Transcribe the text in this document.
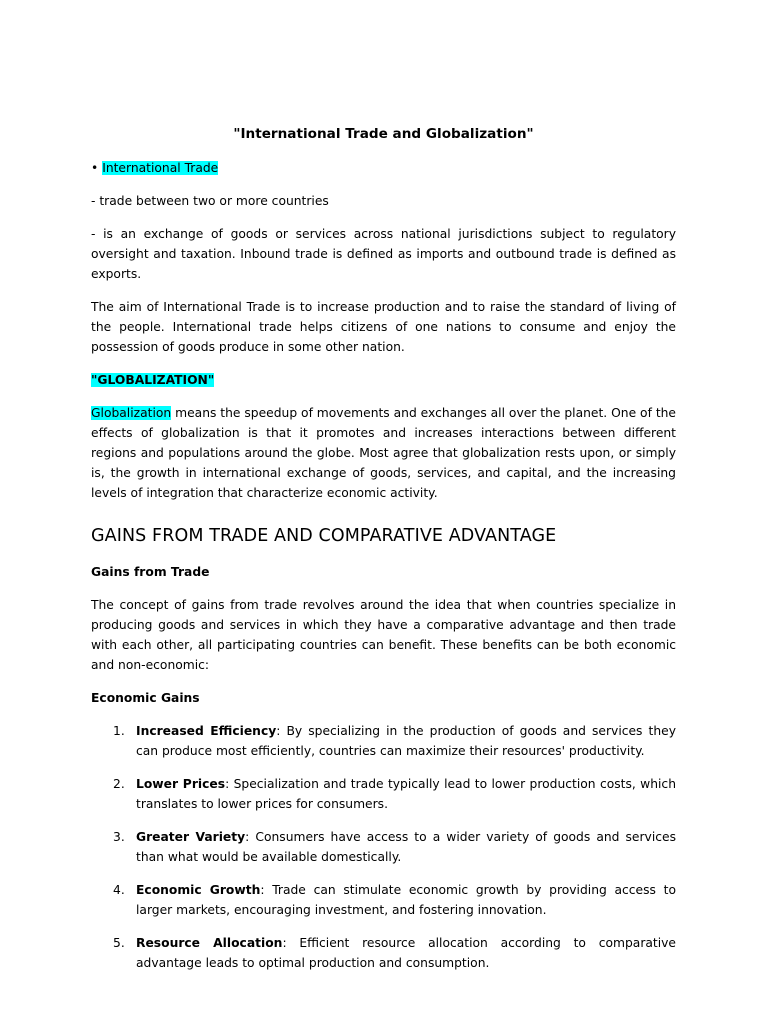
"International Trade and Globalization"

• International Trade

- trade between two or more countries

- is an exchange of goods or services across national jurisdictions subject to regulatory oversight and taxation. Inbound trade is defined as imports and outbound trade is defined as exports.

The aim of International Trade is to increase production and to raise the standard of living of the people. International trade helps citizens of one nations to consume and enjoy the possession of goods produce in some other nation.

"GLOBALIZATION"

Globalization means the speedup of movements and exchanges all over the planet. One of the effects of globalization is that it promotes and increases interactions between different regions and populations around the globe. Most agree that globalization rests upon, or simply is, the growth in international exchange of goods, services, and capital, and the increasing levels of integration that characterize economic activity.

GAINS FROM TRADE AND COMPARATIVE ADVANTAGE

Gains from Trade

The concept of gains from trade revolves around the idea that when countries specialize in producing goods and services in which they have a comparative advantage and then trade with each other, all participating countries can benefit. These benefits can be both economic and non-economic:

Economic Gains

1. Increased Efficiency: By specializing in the production of goods and services they can produce most efficiently, countries can maximize their resources' productivity.
2. Lower Prices: Specialization and trade typically lead to lower production costs, which translates to lower prices for consumers.
3. Greater Variety: Consumers have access to a wider variety of goods and services than what would be available domestically.
4. Economic Growth: Trade can stimulate economic growth by providing access to larger markets, encouraging investment, and fostering innovation.
5. Resource Allocation: Efficient resource allocation according to comparative advantage leads to optimal production and consumption.
